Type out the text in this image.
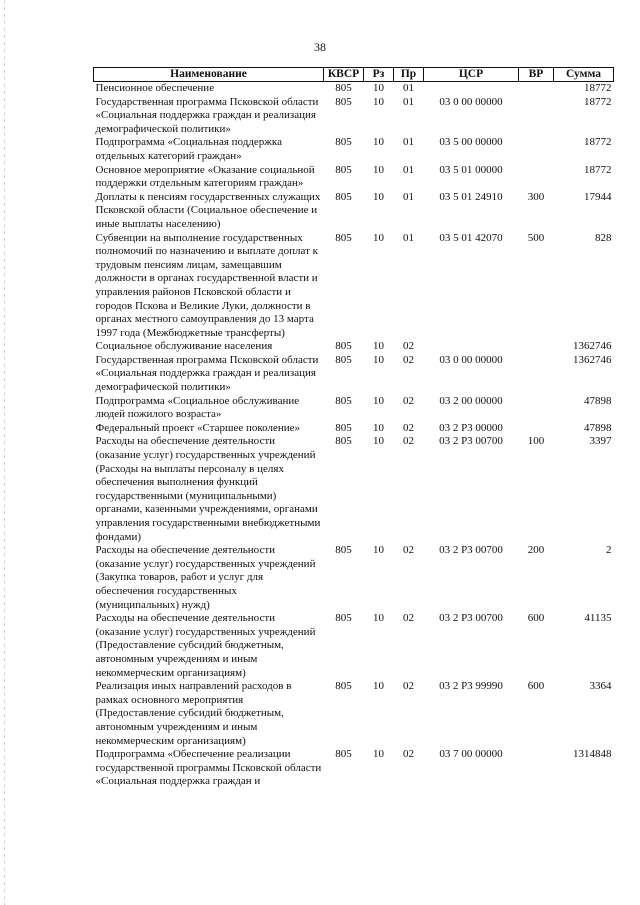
38
Наименование	КВСР	Рз	Пр	ЦСР	ВР	Сумма
Пенсионное обеспечение	805	10	01			18772
Государственная программа Псковской области «Социальная поддержка граждан и реализация демографической политики»	805	10	01	03 0 00 00000		18772
Подпрограмма «Социальная поддержка отдельных категорий граждан»	805	10	01	03 5 00 00000		18772
Основное мероприятие «Оказание социальной поддержки отдельным категориям граждан»	805	10	01	03 5 01 00000		18772
Доплаты к пенсиям государственных служащих Псковской области (Социальное обеспечение и иные выплаты населению)	805	10	01	03 5 01 24910	300	17944
Субвенции на выполнение государственных полномочий по назначению и выплате доплат к трудовым пенсиям лицам, замещавшим должности в органах государственной власти и управления районов Псковской области и городов Пскова и Великие Луки, должности в органах местного самоуправления до 13 марта 1997 года (Межбюджетные трансферты)	805	10	01	03 5 01 42070	500	828
Социальное обслуживание населения	805	10	02			1362746
Государственная программа Псковской области «Социальная поддержка граждан и реализация демографической политики»	805	10	02	03 0 00 00000		1362746
Подпрограмма «Социальное обслуживание людей пожилого возраста»	805	10	02	03 2 00 00000		47898
Федеральный проект «Старшее поколение»	805	10	02	03 2 P3 00000		47898
Расходы на обеспечение деятельности (оказание услуг) государственных учреждений (Расходы на выплаты персоналу в целях обеспечения выполнения функций государственными (муниципальными) органами, казенными учреждениями, органами управления государственными внебюджетными фондами)	805	10	02	03 2 P3 00700	100	3397
Расходы на обеспечение деятельности (оказание услуг) государственных учреждений (Закупка товаров, работ и услуг для обеспечения государственных (муниципальных) нужд)	805	10	02	03 2 P3 00700	200	2
Расходы на обеспечение деятельности (оказание услуг) государственных учреждений (Предоставление субсидий бюджетным, автономным учреждениям и иным некоммерческим организациям)	805	10	02	03 2 P3 00700	600	41135
Реализация иных направлений расходов в рамках основного мероприятия (Предоставление субсидий бюджетным, автономным учреждениям и иным некоммерческим организациям)	805	10	02	03 2 P3 99990	600	3364
Подпрограмма «Обеспечение реализации государственной программы Псковской области «Социальная поддержка граждан и	805	10	02	03 7 00 00000		1314848
